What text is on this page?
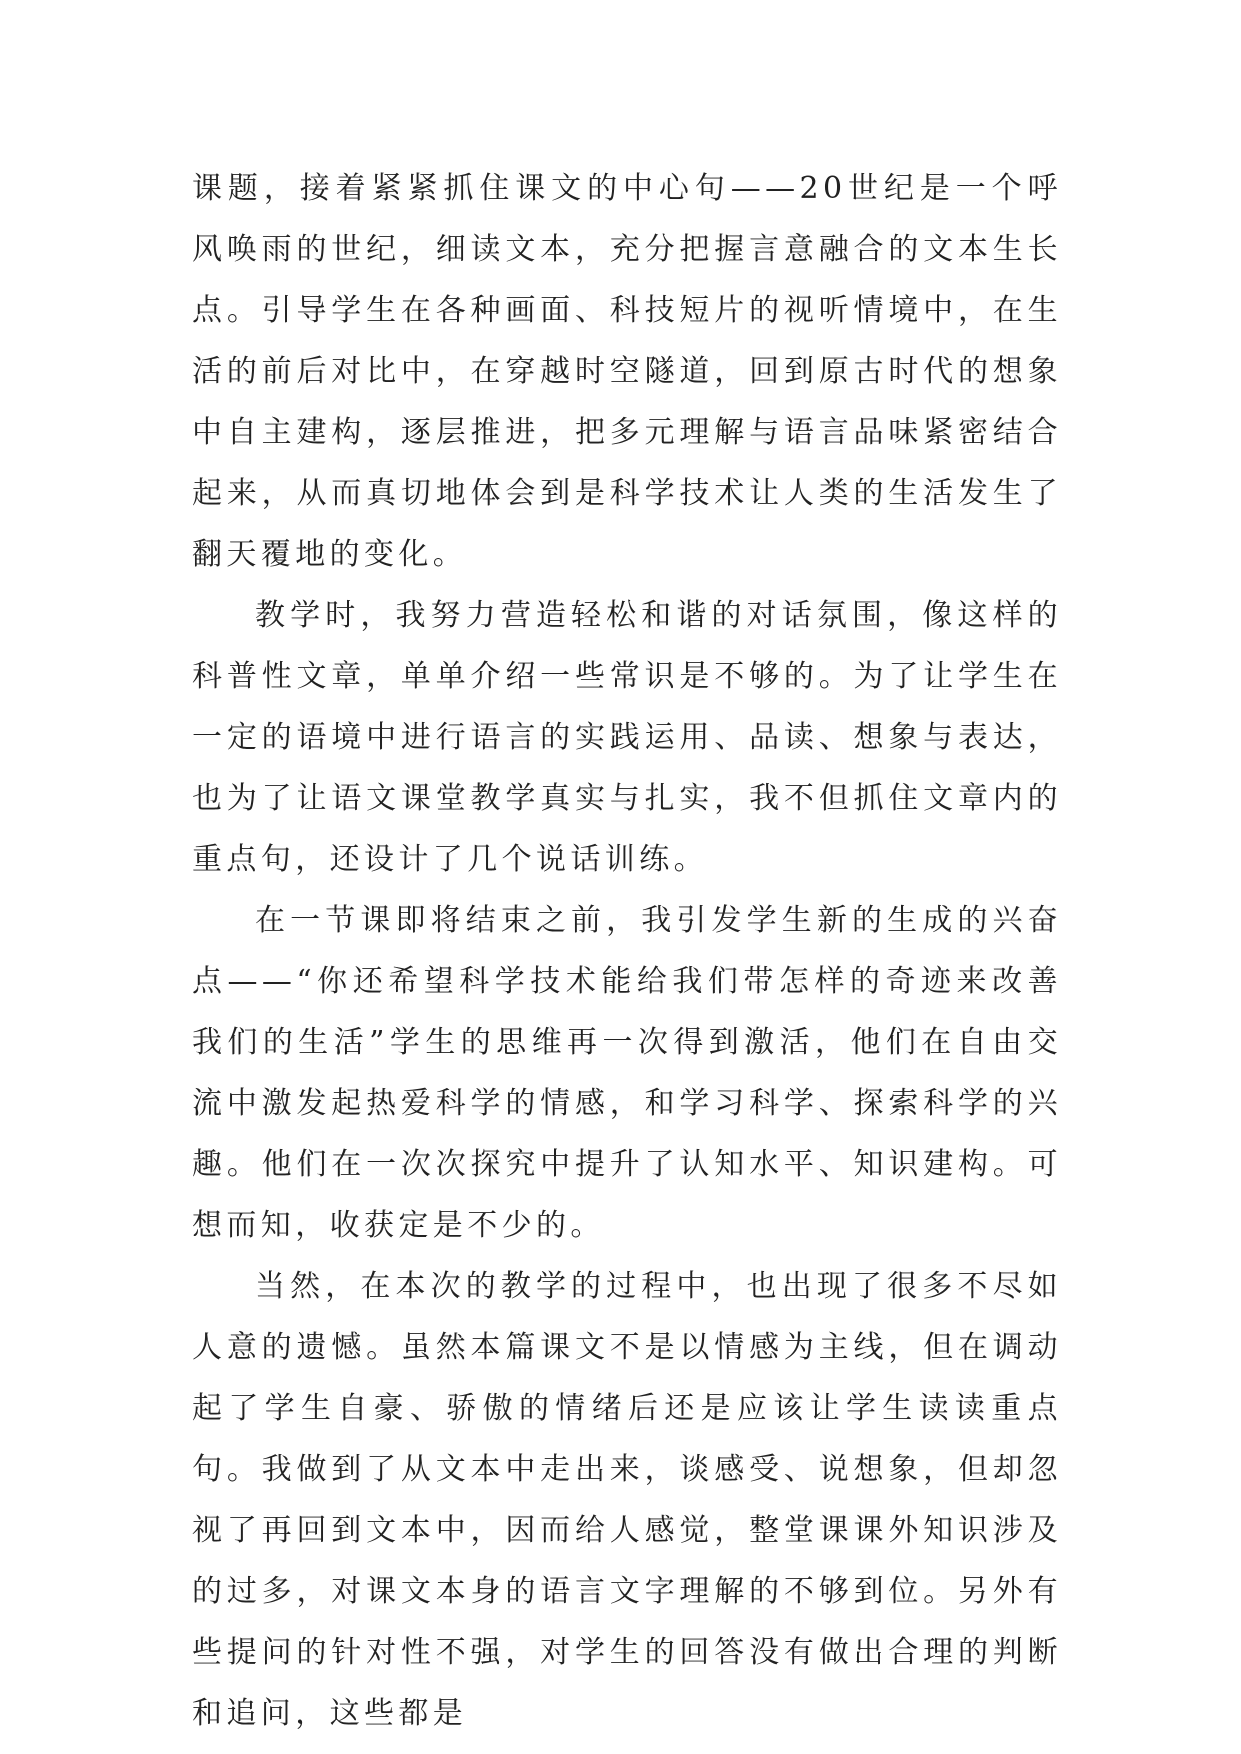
课题，接着紧紧抓住课文的中心句——20世纪是一个呼风唤雨的世纪，细读文本，充分把握言意融合的文本生长点。引导学生在各种画面、科技短片的视听情境中，在生活的前后对比中，在穿越时空隧道，回到原古时代的想象中自主建构，逐层推进，把多元理解与语言品味紧密结合起来，从而真切地体会到是科学技术让人类的生活发生了翻天覆地的变化。

教学时，我努力营造轻松和谐的对话氛围，像这样的科普性文章，单单介绍一些常识是不够的。为了让学生在一定的语境中进行语言的实践运用、品读、想象与表达，也为了让语文课堂教学真实与扎实，我不但抓住文章内的重点句，还设计了几个说话训练。

在一节课即将结束之前，我引发学生新的生成的兴奋点——“你还希望科学技术能给我们带怎样的奇迹来改善我们的生活”学生的思维再一次得到激活，他们在自由交流中激发起热爱科学的情感，和学习科学、探索科学的兴趣。他们在一次次探究中提升了认知水平、知识建构。可想而知，收获定是不少的。

当然，在本次的教学的过程中，也出现了很多不尽如人意的遗憾。虽然本篇课文不是以情感为主线，但在调动起了学生自豪、骄傲的情绪后还是应该让学生读读重点句。我做到了从文本中走出来，谈感受、说想象，但却忽视了再回到文本中，因而给人感觉，整堂课课外知识涉及的过多，对课文本身的语言文字理解的不够到位。另外有些提问的针对性不强，对学生的回答没有做出合理的判断和追问，这些都是
